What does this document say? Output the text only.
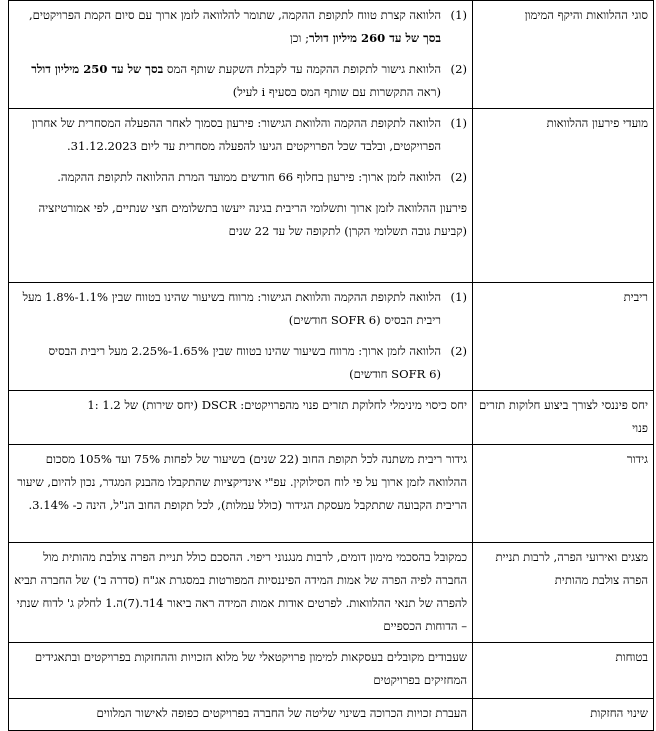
סוגי ההלוואות והיקף המימון	(1)
הלוואה קצרת טווח לתקופת ההקמה, שתומר להלוואה לזמן ארוך עם סיום הקמת הפרויקטים, בסך של עד 260 מיליון דולר; וכן
(2)
הלוואת גישור לתקופת ההקמה עד לקבלת השקעת שותף המס בסך של עד 250 מיליון דולר (ראה התקשרות עם שותף המס בסעיף i לעיל)

מועדי פירעון ההלוואות	(1)
הלוואה לתקופת ההקמה והלוואת הגישור: פירעון בסמוך לאחר ההפעלה המסחרית של אחרון הפרויקטים, ובלבד שכל הפרויקטים הגיעו להפעלה מסחרית עד ליום 31.12.2023.
(2)
הלוואה לזמן ארוך: פירעון בחלוף 66 חודשים ממועד המרת ההלוואה לתקופת ההקמה.
פירעון ההלוואה לזמן ארוך ותשלומי הריבית בגינה ייעשו בתשלומים חצי שנתיים, לפי אמורטיזציה (קביעת גובה תשלומי הקרן) לתקופה של עד 22 שנים

ריבית	(1)
הלוואה לתקופת ההקמה והלוואת הגישור: מרווח בשיעור שהינו בטווח שבין 1.1%-1.8% מעל ריבית הבסיס (SOFR 6 חודשים)
(2)
הלוואה לזמן ארוך: מרווח בשיעור שהינו בטווח שבין 1.65%-2.25% מעל ריבית הבסיס (SOFR 6 חודשים)

יחס פיננסי לצורך ביצוע חלוקות תזרים פנוי	יחס כיסוי מינימלי לחלוקת תזרים פנוי מהפרויקטים: DSCR (יחס שירות) של 1.2 :1

גידור	גידור ריבית משתנה לכל תקופת החוב (22 שנים) בשיעור של לפחות 75% ועד 105% מסכום ההלוואה לזמן ארוך על פי לוח הסילוקין. עפ"י אינדיקציות שהתקבלו מהבנק המגדר, נכון להיום, שיעור הריבית הקבועה שתתקבל מעסקת הגידור (כולל עמלות), לכל תקופת החוב הנ"ל, הינה כ- 3.14%.

מצגים ואירועי הפרה, לרבות תניית הפרה צולבת מהותית	כמקובל בהסכמי מימון דומים, לרבות מנגנוני ריפוי. ההסכם כולל תניית הפרה צולבת מהותית מול החברה לפיה הפרה של אמות המידה הפיננסיות המפורטות במסגרת אג"ח (סדרה ב') של החברה תביא להפרה של תנאי ההלוואות. לפרטים אודות אמות המידה ראה ביאור 14ד.(7)ה.1 לחלק ג' לדוח שנתי – הדוחות הכספיים

בטוחות	שעבודים מקובלים בעסקאות למימון פרויקטאלי של מלוא הזכויות וההחזקות בפרויקטים ובתאגידים המחזיקים בפרויקטים

שינוי החזקות	העברת זכויות הכרוכה בשינוי שליטה של החברה בפרויקטים כפופה לאישור המלווים
